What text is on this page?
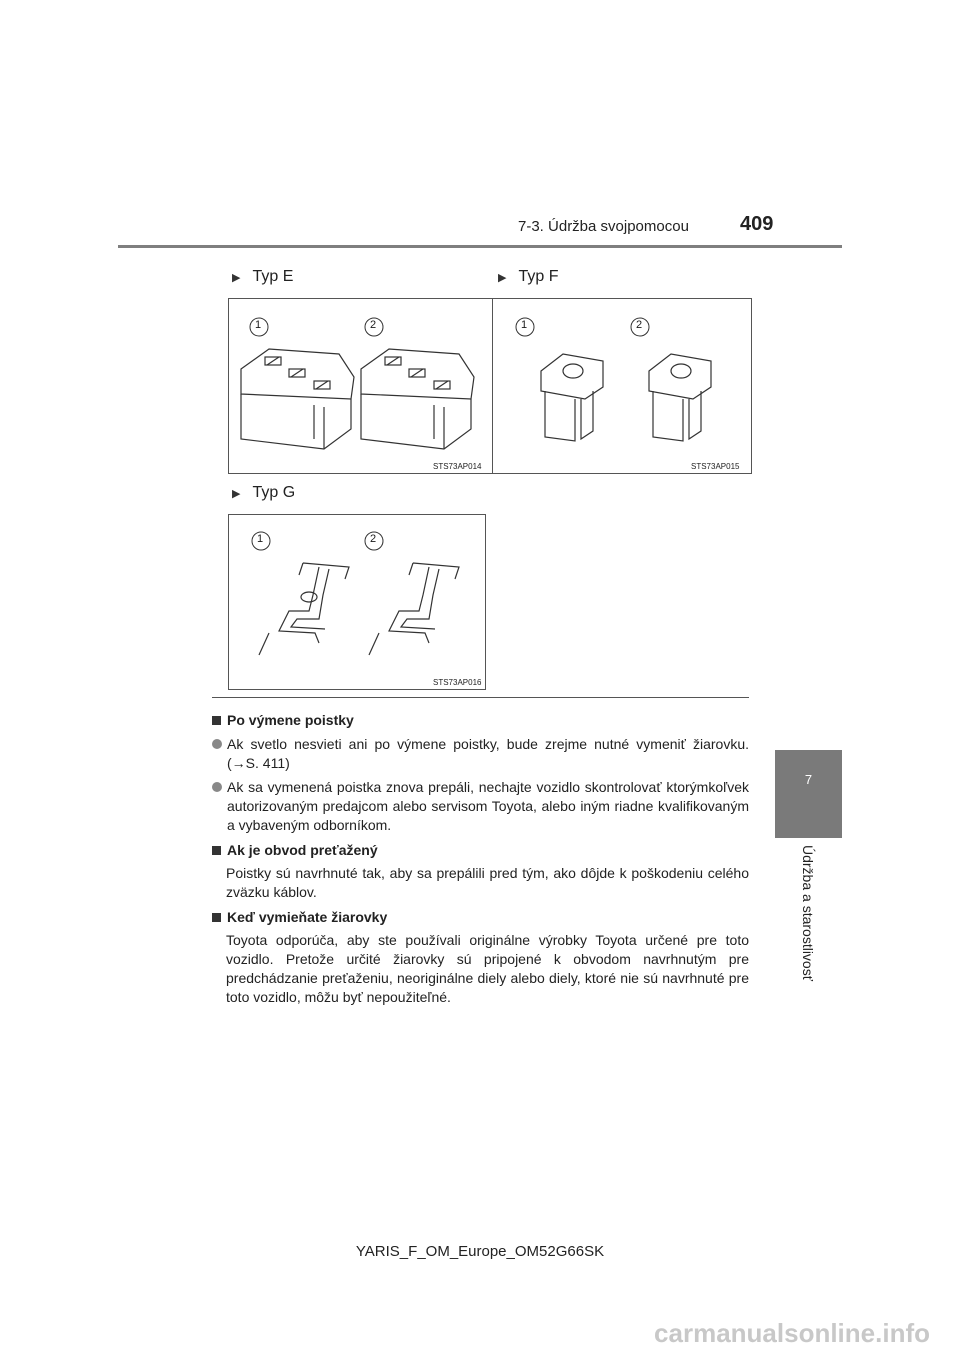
7-3. Údržba svojpomocou	409
7
Údržba a starostlivosť
▶ Typ E	▶ Typ F
▶ Typ G
1	2
STS73AP014
1	2
STS73AP015
1	2
STS73AP016
Po výmene poistky
Ak svetlo nesvieti ani po výmene poistky, bude zrejme nutné vymeniť žiarovku. (→S. 411)
Ak sa vymenená poistka znova prepáli, nechajte vozidlo skontrolovať ktorýmkoľvek autorizovaným predajcom alebo servisom Toyota, alebo iným riadne kvalifikovaným a vybaveným odborníkom.
Ak je obvod preťažený
Poistky sú navrhnuté tak, aby sa prepálili pred tým, ako dôjde k poškodeniu celého zväzku káblov.
Keď vymieňate žiarovky
Toyota odporúča, aby ste používali originálne výrobky Toyota určené pre toto vozidlo. Pretože určité žiarovky sú pripojené k obvodom navrhnutým pre predchádzanie preťaženiu, neoriginálne diely alebo diely, ktoré nie sú navrhnuté pre toto vozidlo, môžu byť nepoužiteľné.
YARIS_F_OM_Europe_OM52G66SK
carmanualsonline.info
